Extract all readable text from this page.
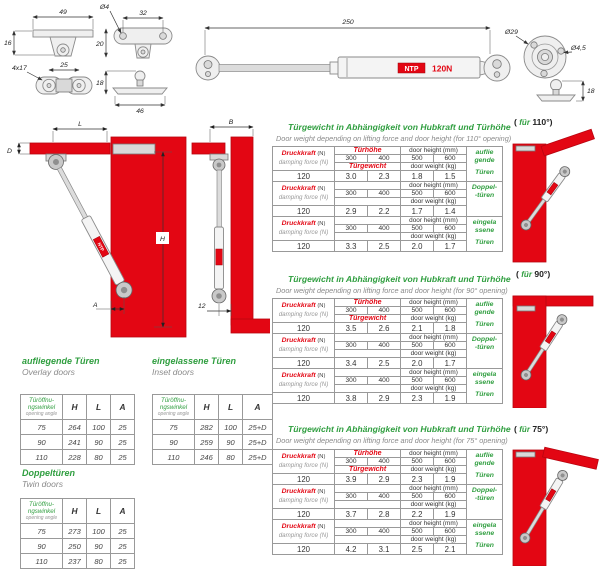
49
16
32
Ø4
20
4x17	25
18
46
250
NTP 120N
Ø29
Ø4,5
18
NTP
L
D
H
A
B
12
Türgewicht in Abhängigkeit von Hubkraft und Türhöhe
Door weight depending on lifting force and door height (for 110° opening)
Druckkraft (N)
damping force (N)	Türhöhe		door height (mm)		auflie
gende
Türen

	300	400	500	600	
	Türgewicht		door weight (kg)		
120	3.0	2.3	1.8	1.5	
Druckkraft (N)
damping force (N)			door height (mm)		Doppel-
-türen

	300	400	500	600	
			door weight (kg)		
120	2.9	2.2	1.7	1.4	
Druckkraft (N)
damping force (N)			door height (mm)		eingela
ssene
Türen

	300	400	500	600	
			door weight (kg)		
120	3.3	2.5	2.0	1.7	
Türgewicht in Abhängigkeit von Hubkraft und Türhöhe
Door weight depending on lifting force and door height (for 90° opening)
Druckkraft (N)
damping force (N)	Türhöhe		door height (mm)		auflie
gende
Türen

	300	400	500	600	
	Türgewicht		door weight (kg)		
120	3.5	2.6	2.1	1.8	
Druckkraft (N)
damping force (N)			door height (mm)		Doppel-
-türen

	300	400	500	600	
			door weight (kg)		
120	3.4	2.5	2.0	1.7	
Druckkraft (N)
damping force (N)			door height (mm)		eingela
ssene
Türen

	300	400	500	600	
			door weight (kg)		
120	3.8	2.9	2.3	1.9	
Türgewicht in Abhängigkeit von Hubkraft und Türhöhe
Door weight depending on lifting force and door height (for 75° opening)
Druckkraft (N)
damping force (N)	Türhöhe		door height (mm)		auflie
gende
Türen

	300	400	500	600	
	Türgewicht		door weight (kg)		
120	3.9	2.9	2.3	1.9	
Druckkraft (N)
damping force (N)			door height (mm)		Doppel-
-türen

	300	400	500	600	
			door weight (kg)		
120	3.7	2.8	2.2	1.9	
Druckkraft (N)
damping force (N)			door height (mm)		eingela
ssene
Türen

	300	400	500	600	
			door weight (kg)		
120	4.2	3.1	2.5	2.1	
( für 110°)
( für 90°)
( für 75°)
aufliegende Türen
Overlay doors
Türöffnu-
ngswinkel
opening angle	H	L	A
75	264	100	25
90	241	90	25
110	228	80	25
eingelassene Türen
Inset doors
Türöffnu-
ngswinkel
opening angle	H	L	A
75	282	100	25+D
90	259	90	25+D
110	246	80	25+D
Doppeltüren
Twin doors
Türöffnu-
ngswinkel
opening angle	H	L	A
75	273	100	25
90	250	90	25
110	237	80	25
